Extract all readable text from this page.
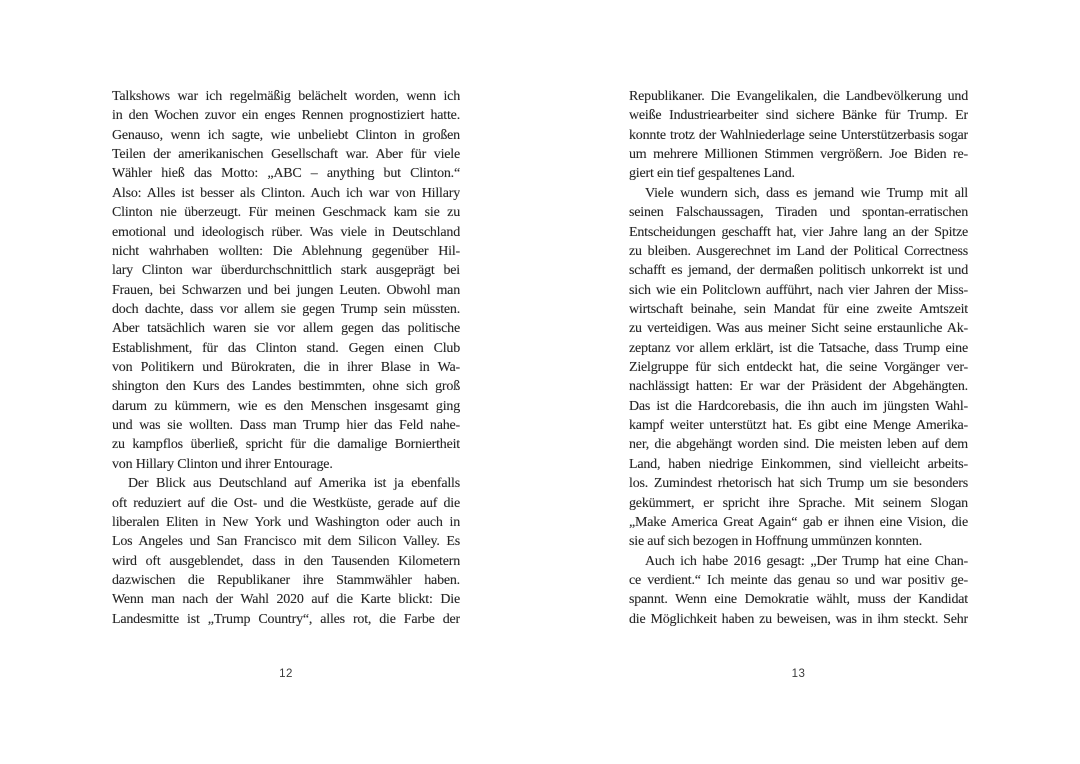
Talkshows war ich regelmäßig belächelt worden, wenn ich
in den Wochen zuvor ein enges Rennen prognostiziert hatte.
Genauso, wenn ich sagte, wie unbeliebt Clinton in großen
Teilen der amerikanischen Gesellschaft war. Aber für viele
Wähler hieß das Motto: „ABC – anything but Clinton.“
Also: Alles ist besser als Clinton. Auch ich war von Hillary
Clinton nie überzeugt. Für meinen Geschmack kam sie zu
emotional und ideologisch rüber. Was viele in Deutschland
nicht wahrhaben wollten: Die Ablehnung gegenüber Hil-
lary Clinton war überdurchschnittlich stark ausgeprägt bei
Frauen, bei Schwarzen und bei jungen Leuten. Obwohl man
doch dachte, dass vor allem sie gegen Trump sein müssten.
Aber tatsächlich waren sie vor allem gegen das politische
Establishment, für das Clinton stand. Gegen einen Club
von Politikern und Bürokraten, die in ihrer Blase in Wa-
shington den Kurs des Landes bestimmten, ohne sich groß
darum zu kümmern, wie es den Menschen insgesamt ging
und was sie wollten. Dass man Trump hier das Feld nahe-
zu kampflos überließ, spricht für die damalige Borniertheit
von Hillary Clinton und ihrer Entourage.
Der Blick aus Deutschland auf Amerika ist ja ebenfalls
oft reduziert auf die Ost- und die Westküste, gerade auf die
liberalen Eliten in New York und Washington oder auch in
Los Angeles und San Francisco mit dem Silicon Valley. Es
wird oft ausgeblendet, dass in den Tausenden Kilometern
dazwischen die Republikaner ihre Stammwähler haben.
Wenn man nach der Wahl 2020 auf die Karte blickt: Die
Landesmitte ist „Trump Country“, alles rot, die Farbe der
Republikaner. Die Evangelikalen, die Landbevölkerung und
weiße Industriearbeiter sind sichere Bänke für Trump. Er
konnte trotz der Wahlniederlage seine Unterstützerbasis sogar
um mehrere Millionen Stimmen vergrößern. Joe Biden re-
giert ein tief gespaltenes Land.
Viele wundern sich, dass es jemand wie Trump mit all
seinen Falschaussagen, Tiraden und spontan-erratischen
Entscheidungen geschafft hat, vier Jahre lang an der Spitze
zu bleiben. Ausgerechnet im Land der Political Correctness
schafft es jemand, der dermaßen politisch unkorrekt ist und
sich wie ein Politclown aufführt, nach vier Jahren der Miss-
wirtschaft beinahe, sein Mandat für eine zweite Amtszeit
zu verteidigen. Was aus meiner Sicht seine erstaunliche Ak-
zeptanz vor allem erklärt, ist die Tatsache, dass Trump eine
Zielgruppe für sich entdeckt hat, die seine Vorgänger ver-
nachlässigt hatten: Er war der Präsident der Abgehängten.
Das ist die Hardcorebasis, die ihn auch im jüngsten Wahl-
kampf weiter unterstützt hat. Es gibt eine Menge Amerika-
ner, die abgehängt worden sind. Die meisten leben auf dem
Land, haben niedrige Einkommen, sind vielleicht arbeits-
los. Zumindest rhetorisch hat sich Trump um sie besonders
gekümmert, er spricht ihre Sprache. Mit seinem Slogan
„Make America Great Again“ gab er ihnen eine Vision, die
sie auf sich bezogen in Hoffnung ummünzen konnten.
Auch ich habe 2016 gesagt: „Der Trump hat eine Chan-
ce verdient.“ Ich meinte das genau so und war positiv ge-
spannt. Wenn eine Demokratie wählt, muss der Kandidat
die Möglichkeit haben zu beweisen, was in ihm steckt. Sehr
12	13
